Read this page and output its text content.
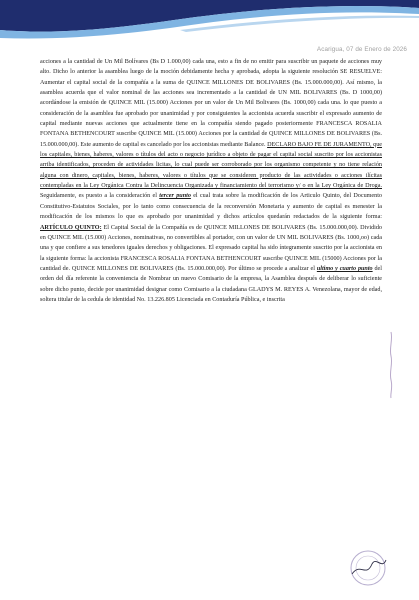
Acarigua, 07 de Enero de 2026

acciones a la cantidad de Un Mil Bolívares (Bs D 1.000,00) cada una, esto a fin de no emitir para suscribir un paquete de acciones muy alto. Dicho lo anterior la asamblea luego de la moción debidamente hecha y aprobada, adopta la siguiente resolución SE RESUELVE: Aumentar el capital social de la compañía a la suma de QUINCE MILLONES DE BOLIVARES (Bs. 15.000.000,00). Así mismo, la asamblea acuerda que el valor nominal de las acciones sea incrementado a la cantidad de UN MIL BOLIVARES (Bs. D 1000,00) acordándose la emisión de QUINCE MIL (15.000) Acciones por un valor de Un Mil Bolivares (Bs. 1000,00) cada una. lo que puesto a consideración de la asamblea fue aprobado por unanimidad y por consiguientes la accionista acuerda suscribir el expresado aumento de capital mediante nuevas acciones que actualmente tiene en la compañía siendo pagado posteriormente FRANCESCA ROSALIA FONTANA BETHENCOURT suscribe QUINCE MIL (15.000) Acciones por la cantidad de QUINCE MILLONES DE BOLIVARES (Bs. 15.000.000,00). Este aumento de capital es cancelado por los accionistas mediante Balance. DECLARO BAJO FE DE JURAMENTO, que los capitales, bienes, haberes, valores o títulos del acto o negocio jurídico a objeto de pagar el capital social suscrito por los accionistas arriba identificados, proceden de actividades licitas, lo cual puede ser corroborado por los organismo competente y no tiene relación alguna con dinero, capitales, bienes, haberes, valores o títulos que se consideren producto de las actividades o acciones ilícitas contempladas en la Ley Orgánica Contra la Delincuencia Organizada y financiamiento del terrorismo y/ o en la Ley Orgánica de Droga. Seguidamente, es puesto a la consideración el tercer punto el cual trata sobre la modificación de los Articulo Quinto, del Documento Constitutivo-Estatutos Sociales, por lo tanto como consecuencia de la reconversión Monetaria y aumento de capital es menester la modificación de los mismos lo que es aprobado por unanimidad y dichos artículos quedarán redactados de la siguiente forma: ARTÍCULO QUINTO: El Capital Social de la Compañía es de QUINCE MILLONES DE BOLIVARES (Bs. 15.000.000,00). Dividido en QUINCE MIL (15.000) Acciones, nominativas, no convertibles al portador, con un valor de UN MIL BOLIVARES (Bs. 1000,oo) cada una y que confiere a sus tenedores iguales derechos y obligaciones. El expresado capital ha sido íntegramente suscrito por la accionista en la siguiente forma: la accionista FRANCESCA ROSALIA FONTANA BETHENCOURT suscribe QUINCE MIL (15000) Acciones por la cantidad de. QUINCE MILLONES DE BOLIVARES (Bs. 15.000.000,00). Por último se procede a analizar el ultimo y cuarto punto del orden del día referente la conveniencia de Nombrar un nuevo Comisario de la empresa, la Asamblea después de deliberar lo suficiente sobre dicho punto, decide por unanimidad designar como Comisario a la ciudadana GLADYS M. REYES A. Venezolana, mayor de edad, soltera titular de la cedula de identidad No. 13.226.805 Licenciada en Contaduría Pública, e inscrita
